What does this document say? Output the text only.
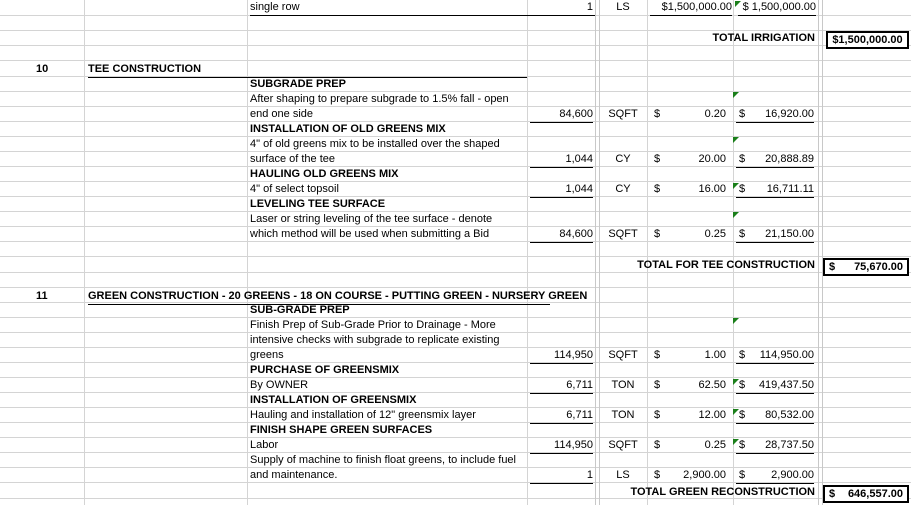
single row	1	LS	$1,500,000.00 $ 1,500,000.00
TOTAL IRRIGATION	$1,500,000.00
10	TEE CONSTRUCTION
SUBGRADE PREP
After shaping to prepare subgrade to 1.5% fall - open
end one side	84,600	SQFT	$	0.20 $	16,920.00
INSTALLATION OF OLD GREENS MIX
4" of old greens mix to be installed over the shaped
surface of the tee	1,044	CY	$	20.00 $	20,888.89
HAULING OLD GREENS MIX
4" of select topsoil	1,044	CY	$	16.00 $	16,711.11
LEVELING TEE SURFACE
Laser or string leveling of the tee surface - denote
which method will be used when submitting a Bid	84,600	SQFT	$	0.25 $	21,150.00
TOTAL FOR TEE CONSTRUCTION $ 75,670.00
11	GREEN CONSTRUCTION - 20 GREENS - 18 ON COURSE - PUTTING GREEN - NURSERY GREEN
SUB-GRADE PREP
Finish Prep of Sub-Grade Prior to Drainage - More
intensive checks with subgrade to replicate existing
greens	114,950	SQFT	$	1.00 $	114,950.00
PURCHASE OF GREENSMIX
By OWNER	6,711	TON	$	62.50 $	419,437.50
INSTALLATION OF GREENSMIX
Hauling and installation of 12" greensmix layer	6,711	TON	$	12.00 $	80,532.00
FINISH SHAPE GREEN SURFACES
Labor	114,950	SQFT	$	0.25 $	28,737.50
Supply of machine to finish float greens, to include fuel
and maintenance.	1	LS	$	2,900.00 $	2,900.00
TOTAL GREEN RECONSTRUCTION $ 646,557.00
